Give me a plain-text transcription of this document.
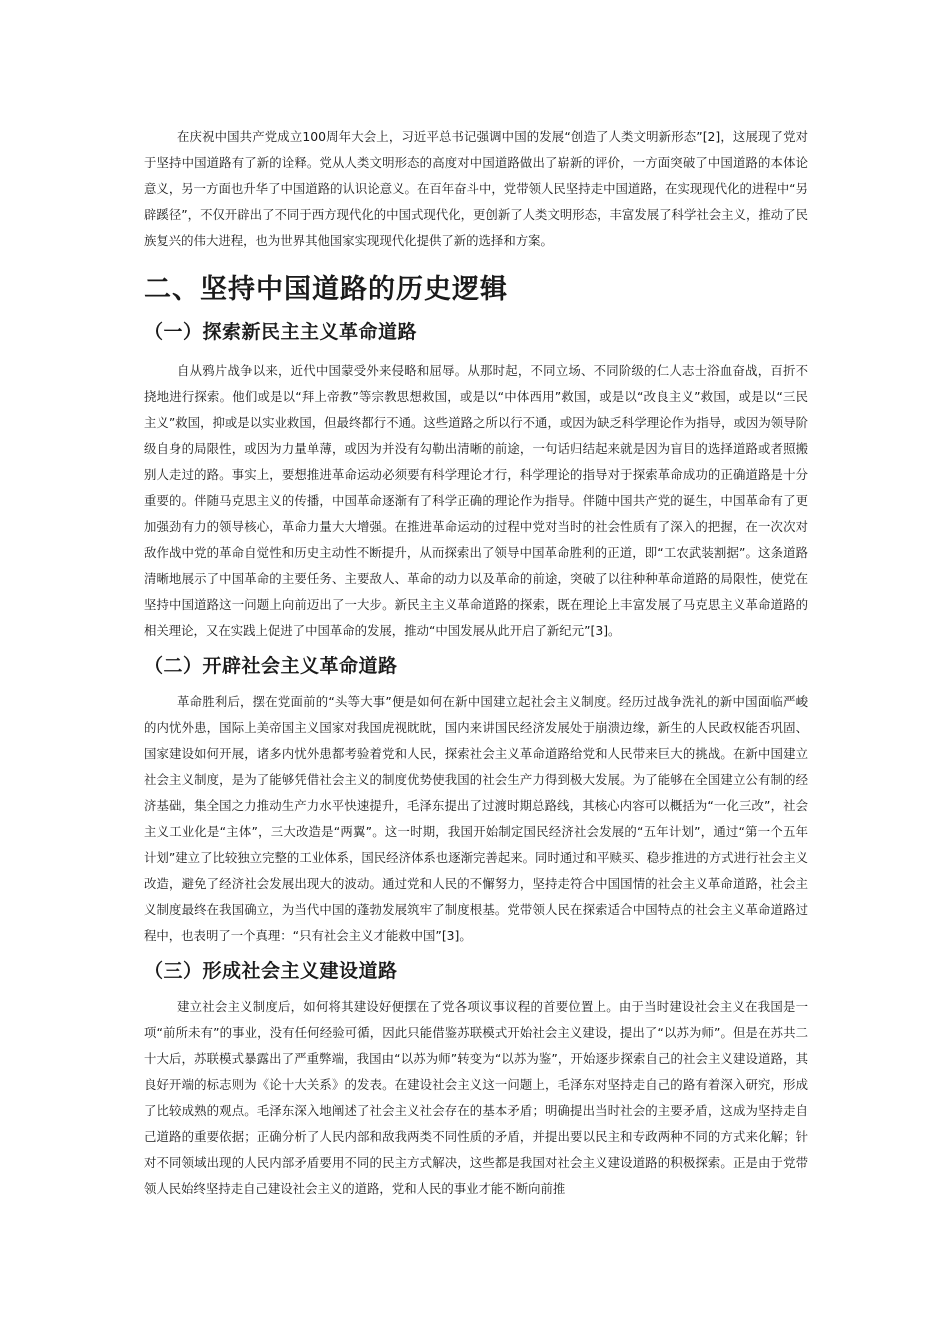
在庆祝中国共产党成立100周年大会上，习近平总书记强调中国的发展“创造了人类文明新形态”[2]，这展现了党对于坚持中国道路有了新的诠释。党从人类文明形态的高度对中国道路做出了崭新的评价，一方面突破了中国道路的本体论意义，另一方面也升华了中国道路的认识论意义。在百年奋斗中，党带领人民坚持走中国道路，在实现现代化的进程中“另辟蹊径”，不仅开辟出了不同于西方现代化的中国式现代化，更创新了人类文明形态，丰富发展了科学社会主义，推动了民族复兴的伟大进程，也为世界其他国家实现现代化提供了新的选择和方案。

二、坚持中国道路的历史逻辑
（一）探索新民主主义革命道路

自从鸦片战争以来，近代中国蒙受外来侵略和屈辱。从那时起，不同立场、不同阶级的仁人志士浴血奋战，百折不挠地进行探索。他们或是以“拜上帝教”等宗教思想救国，或是以“中体西用”救国，或是以“改良主义”救国，或是以“三民主义”救国，抑或是以实业救国，但最终都行不通。这些道路之所以行不通，或因为缺乏科学理论作为指导，或因为领导阶级自身的局限性，或因为力量单薄，或因为并没有勾勒出清晰的前途，一句话归结起来就是因为盲目的选择道路或者照搬别人走过的路。事实上，要想推进革命运动必须要有科学理论才行，科学理论的指导对于探索革命成功的正确道路是十分重要的。伴随马克思主义的传播，中国革命逐渐有了科学正确的理论作为指导。伴随中国共产党的诞生，中国革命有了更加强劲有力的领导核心，革命力量大大增强。在推进革命运动的过程中党对当时的社会性质有了深入的把握，在一次次对敌作战中党的革命自觉性和历史主动性不断提升，从而探索出了领导中国革命胜利的正道，即“工农武装割据”。这条道路清晰地展示了中国革命的主要任务、主要敌人、革命的动力以及革命的前途，突破了以往种种革命道路的局限性，使党在坚持中国道路这一问题上向前迈出了一大步。新民主主义革命道路的探索，既在理论上丰富发展了马克思主义革命道路的相关理论，又在实践上促进了中国革命的发展，推动“中国发展从此开启了新纪元”[3]。

（二）开辟社会主义革命道路

革命胜利后，摆在党面前的“头等大事”便是如何在新中国建立起社会主义制度。经历过战争洗礼的新中国面临严峻的内忧外患，国际上美帝国主义国家对我国虎视眈眈，国内来讲国民经济发展处于崩溃边缘，新生的人民政权能否巩固、国家建设如何开展，诸多内忧外患都考验着党和人民，探索社会主义革命道路给党和人民带来巨大的挑战。在新中国建立社会主义制度，是为了能够凭借社会主义的制度优势使我国的社会生产力得到极大发展。为了能够在全国建立公有制的经济基础，集全国之力推动生产力水平快速提升，毛泽东提出了过渡时期总路线，其核心内容可以概括为“一化三改”，社会主义工业化是“主体”，三大改造是“两翼”。这一时期，我国开始制定国民经济社会发展的“五年计划”，通过“第一个五年计划”建立了比较独立完整的工业体系，国民经济体系也逐渐完善起来。同时通过和平赎买、稳步推进的方式进行社会主义改造，避免了经济社会发展出现大的波动。通过党和人民的不懈努力，坚持走符合中国国情的社会主义革命道路，社会主义制度最终在我国确立，为当代中国的蓬勃发展筑牢了制度根基。党带领人民在探索适合中国特点的社会主义革命道路过程中，也表明了一个真理：“只有社会主义才能救中国”[3]。

（三）形成社会主义建设道路

建立社会主义制度后，如何将其建设好便摆在了党各项议事议程的首要位置上。由于当时建设社会主义在我国是一项“前所未有”的事业，没有任何经验可循，因此只能借鉴苏联模式开始社会主义建设，提出了“以苏为师”。但是在苏共二十大后，苏联模式暴露出了严重弊端，我国由“以苏为师”转变为“以苏为鉴”，开始逐步探索自己的社会主义建设道路，其良好开端的标志则为《论十大关系》的发表。在建设社会主义这一问题上，毛泽东对坚持走自己的路有着深入研究，形成了比较成熟的观点。毛泽东深入地阐述了社会主义社会存在的基本矛盾；明确提出当时社会的主要矛盾，这成为坚持走自己道路的重要依据；正确分析了人民内部和敌我两类不同性质的矛盾，并提出要以民主和专政两种不同的方式来化解；针对不同领域出现的人民内部矛盾要用不同的民主方式解决，这些都是我国对社会主义建设道路的积极探索。正是由于党带领人民始终坚持走自己建设社会主义的道路，党和人民的事业才能不断向前推
